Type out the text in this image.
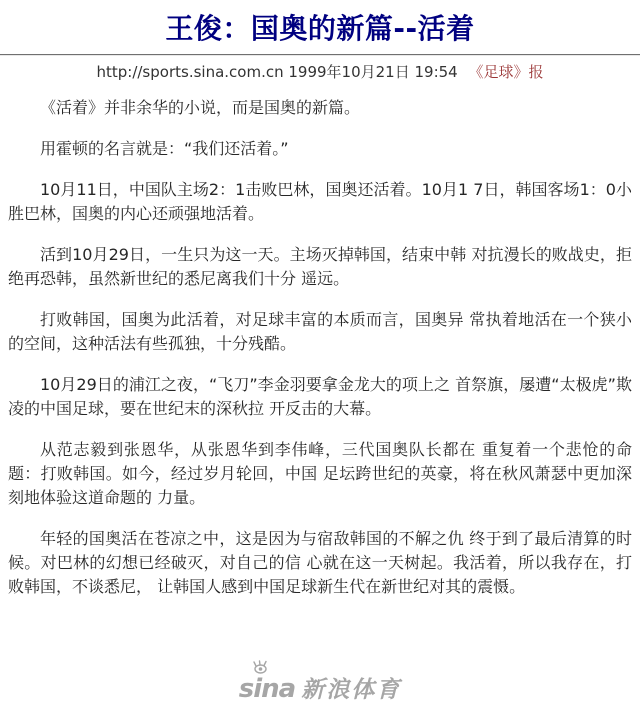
王俊：国奥的新篇--活着
http://sports.sina.com.cn 1999年10月21日 19:54 《足球》报

《活着》并非余华的小说，而是国奥的新篇。

用霍顿的名言就是：“我们还活着。”

10月11日，中国队主场2：1击败巴林，国奥还活着。10月1 7日，韩国客场1：0小胜巴林，国奥的内心还顽强地活着。

活到10月29日，一生只为这一天。主场灭掉韩国，结束中韩 对抗漫长的败战史，拒绝再恐韩，虽然新世纪的悉尼离我们十分 遥远。

打败韩国，国奥为此活着，对足球丰富的本质而言，国奥异 常执着地活在一个狭小的空间，这种活法有些孤独，十分残酷。

10月29日的浦江之夜，“飞刀”李金羽要拿金龙大的项上之 首祭旗，屡遭“太极虎”欺凌的中国足球，要在世纪末的深秋拉 开反击的大幕。

从范志毅到张恩华，从张恩华到李伟峰，三代国奥队长都在 重复着一个悲怆的命题：打败韩国。如今，经过岁月轮回，中国 足坛跨世纪的英豪，将在秋风萧瑟中更加深刻地体验这道命题的 力量。

年轻的国奥活在苍凉之中，这是因为与宿敌韩国的不解之仇 终于到了最后清算的时候。对巴林的幻想已经破灭，对自己的信 心就在这一天树起。我活着，所以我存在，打败韩国，不谈悉尼， 让韩国人感到中国足球新生代在新世纪对其的震慑。

sina 新浪体育
